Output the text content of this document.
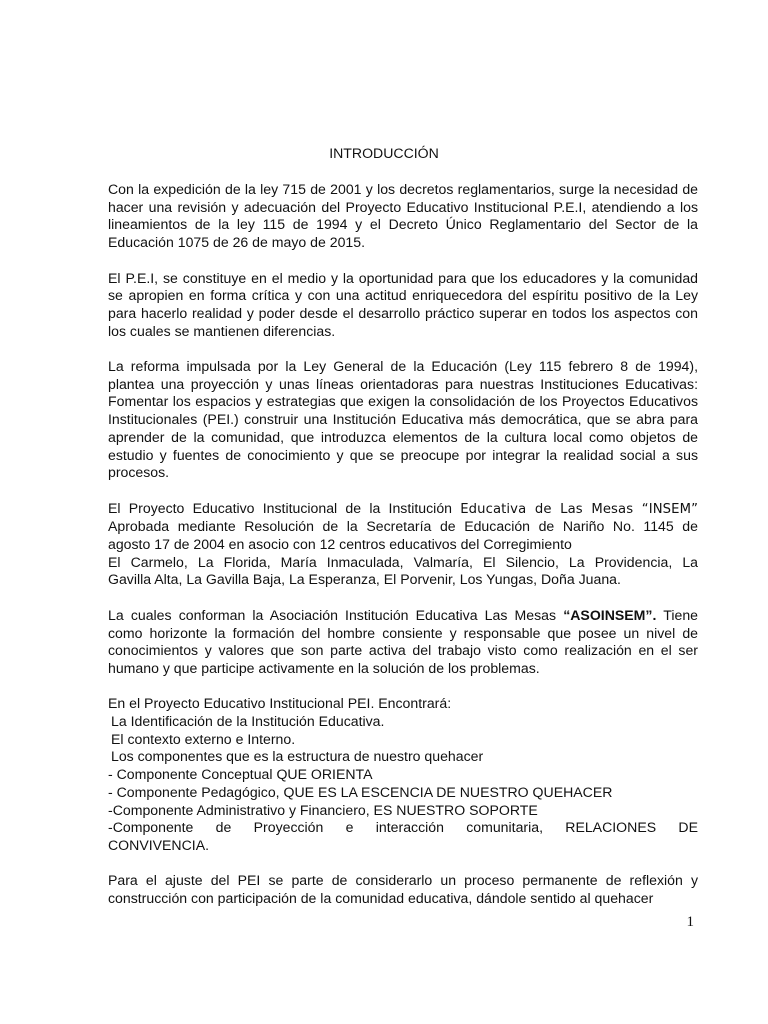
INTRODUCCIÓN

Con la expedición de la ley 715 de 2001 y los decretos reglamentarios, surge la necesidad de hacer una revisión y adecuación del Proyecto Educativo Institucional P.E.I, atendiendo a los lineamientos de la ley 115 de 1994 y el Decreto Único Reglamentario del Sector de la Educación 1075 de 26 de mayo de 2015.

El P.E.I, se constituye en el medio y la oportunidad para que los educadores y la comunidad se apropien en forma crítica y con una actitud enriquecedora del espíritu positivo de la Ley para hacerlo realidad y poder desde el desarrollo práctico superar en todos los aspectos con los cuales se mantienen diferencias.

La reforma impulsada por la Ley General de la Educación (Ley 115 febrero 8 de 1994), plantea una proyección y unas líneas orientadoras para nuestras Instituciones Educativas: Fomentar los espacios y estrategias que exigen la consolidación de los Proyectos Educativos Institucionales (PEI.) construir una Institución Educativa más democrática, que se abra para aprender de la comunidad, que introduzca elementos de la cultura local como objetos de estudio y fuentes de conocimiento y que se preocupe por integrar la realidad social a sus procesos.

El Proyecto Educativo Institucional de la Institución Educativa de Las Mesas “INSEM”
Aprobada mediante Resolución de la Secretaría de Educación de Nariño No. 1145 de
agosto 17 de 2004 en asocio con 12 centros educativos del Corregimiento
El Carmelo, La Florida, María Inmaculada, Valmaría, El Silencio, La Providencia, La
Gavilla Alta, La Gavilla Baja, La Esperanza, El Porvenir, Los Yungas, Doña Juana.

La cuales conforman la Asociación Institución Educativa Las Mesas “ASOINSEM”. Tiene como horizonte la formación del hombre consiente y responsable que posee un nivel de conocimientos y valores que son parte activa del trabajo visto como realización en el ser humano y que participe activamente en la solución de los problemas.

En el Proyecto Educativo Institucional PEI. Encontrará:
La Identificación de la Institución Educativa.
El contexto externo e Interno.
Los componentes que es la estructura de nuestro quehacer
- Componente Conceptual QUE ORIENTA
- Componente Pedagógico, QUE ES LA ESCENCIA DE NUESTRO QUEHACER
-Componente Administrativo y Financiero, ES NUESTRO SOPORTE
-Componente de Proyección e interacción comunitaria, RELACIONES DE
CONVIVENCIA.

Para el ajuste del PEI se parte de considerarlo un proceso permanente de reflexión y construcción con participación de la comunidad educativa, dándole sentido al quehacer

1
